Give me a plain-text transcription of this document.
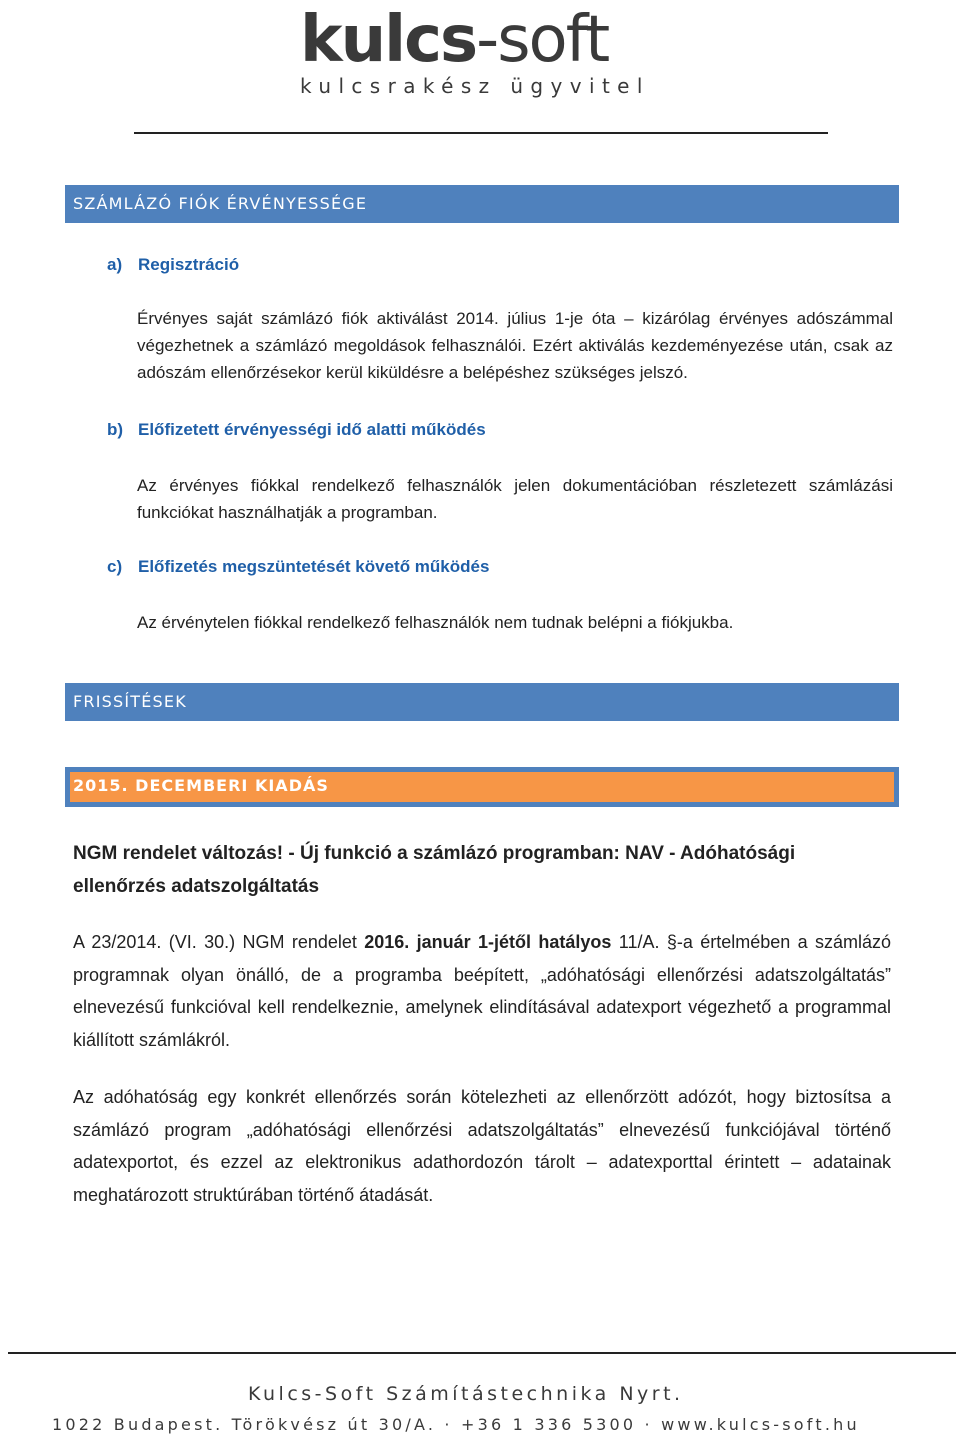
kulcs-soft
kulcsrakész ügyvitel
SZÁMLÁZÓ FIÓK ÉRVÉNYESSÉGE
a) Regisztráció

Érvényes saját számlázó fiók aktiválást 2014. július 1-je óta – kizárólag érvényes adószámmal végezhetnek a számlázó megoldások felhasználói. Ezért aktiválás kezdeményezése után, csak az adószám ellenőrzésekor kerül kiküldésre a belépéshez szükséges jelszó.

b) Előfizetett érvényességi idő alatti működés

Az érvényes fiókkal rendelkező felhasználók jelen dokumentációban részletezett számlázási funkciókat használhatják a programban.

c) Előfizetés megszüntetését követő működés

Az érvénytelen fiókkal rendelkező felhasználók nem tudnak belépni a fiókjukba.

FRISSÍTÉSEK
2015. DECEMBERI KIADÁS
NGM rendelet változás! - Új funkció a számlázó programban: NAV - Adóhatósági ellenőrzés adatszolgáltatás

A 23/2014. (VI. 30.) NGM rendelet 2016. január 1-jétől hatályos 11/A. §-a értelmében a számlázó programnak olyan önálló, de a programba beépített, „adóhatósági ellenőrzési adatszolgáltatás” elnevezésű funkcióval kell rendelkeznie, amelynek elindításával adatexport végezhető a programmal kiállított számlákról.

Az adóhatóság egy konkrét ellenőrzés során kötelezheti az ellenőrzött adózót, hogy biztosítsa a számlázó program „adóhatósági ellenőrzési adatszolgáltatás” elnevezésű funkciójával történő adatexportot, és ezzel az elektronikus adathordozón tárolt – adatexporttal érintett – adatainak meghatározott struktúrában történő átadását.

Kulcs-Soft Számítástechnika Nyrt.
1022 Budapest. Törökvész út 30/A. · +36 1 336 5300 · www.kulcs-soft.hu
